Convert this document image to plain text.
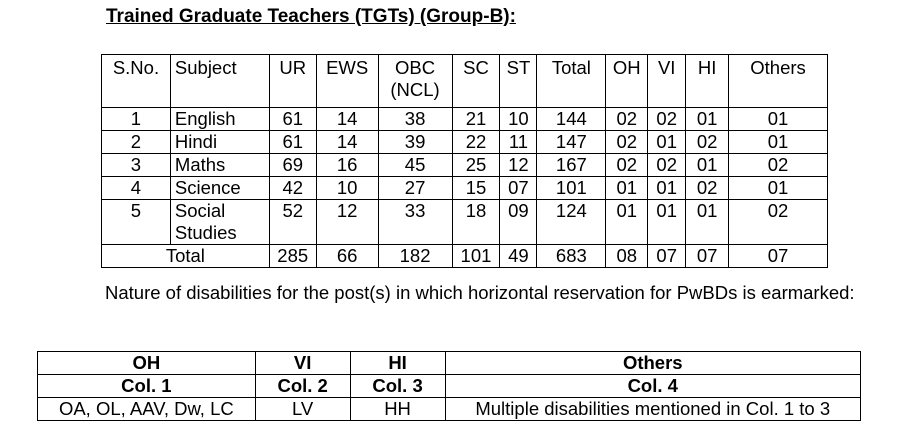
Trained Graduate Teachers (TGTs) (Group-B):
S.No.	Subject	UR	EWS	OBC (NCL)	SC	ST	Total	OH	VI	HI	Others
1	English	61	14	38	21	10	144	02	02	01	01
2	Hindi	61	14	39	22	11	147	02	01	02	01
3	Maths	69	16	45	25	12	167	02	02	01	02
4	Science	42	10	27	15	07	101	01	01	02	01
5	Social Studies	52	12	33	18	09	124	01	01	01	02
Total		285	66	182	101	49	683	08	07	07	07
Nature of disabilities for the post(s) in which horizontal reservation for PwBDs is earmarked:
OH	VI	HI	Others
Col. 1	Col. 2	Col. 3	Col. 4
OA, OL, AAV, Dw, LC	LV	HH	Multiple disabilities mentioned in Col. 1 to 3
